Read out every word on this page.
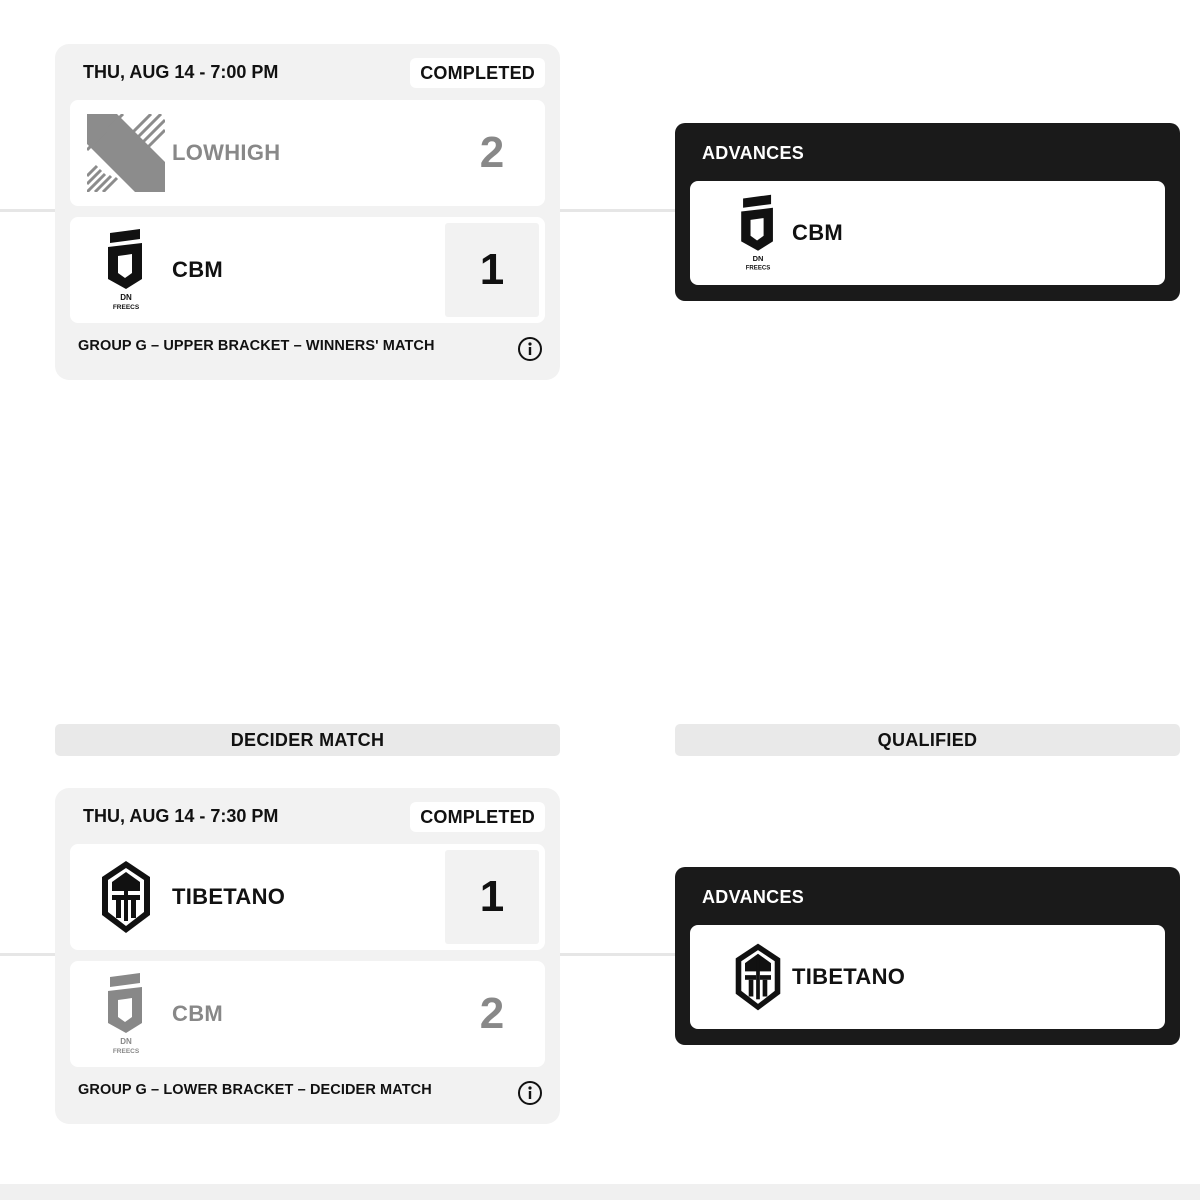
THU, AUG 14 - 7:00 PM	COMPLETED
LOWHIGH	2
DN
FREECS
CBM	1
GROUP G – UPPER BRACKET – WINNERS' MATCH
ADVANCES
DN
FREECS
CBM
DECIDER MATCH	QUALIFIED
THU, AUG 14 - 7:30 PM	COMPLETED
TIBETANO	1
DN
FREECS
CBM	2
GROUP G – LOWER BRACKET – DECIDER MATCH
ADVANCES
TIBETANO
